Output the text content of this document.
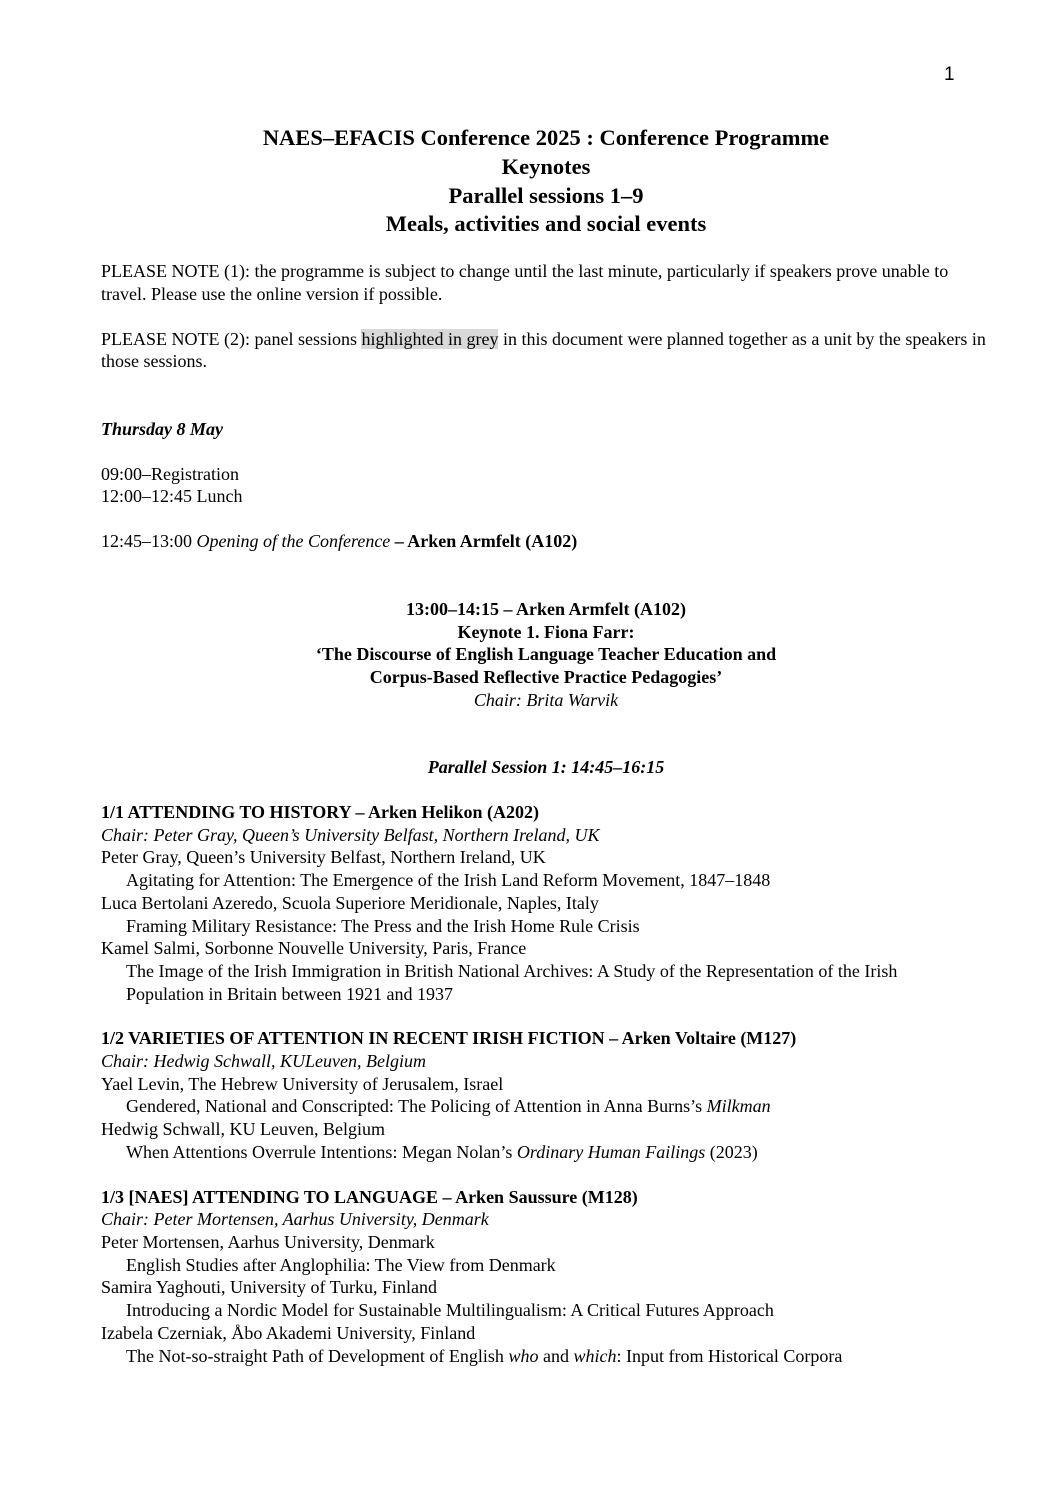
1
NAES–EFACIS Conference 2025 : Conference Programme
Keynotes
Parallel sessions 1–9
Meals, activities and social events

PLEASE NOTE (1): the programme is subject to change until the last minute, particularly if speakers prove unable to travel. Please use the online version if possible.

PLEASE NOTE (2): panel sessions highlighted in grey in this document were planned together as a unit by the speakers in those sessions.

Thursday 8 May
09:00–Registration
12:00–12:45 Lunch
12:45–13:00 Opening of the Conference – Arken Armfelt (A102)
13:00–14:15 – Arken Armfelt (A102)
Keynote 1. Fiona Farr:
‘The Discourse of English Language Teacher Education and
Corpus-Based Reflective Practice Pedagogies’
Chair: Brita Warvik
Parallel Session 1: 14:45–16:15
1/1 ATTENDING TO HISTORY – Arken Helikon (A202)
Chair: Peter Gray, Queen’s University Belfast, Northern Ireland, UK
Peter Gray, Queen’s University Belfast, Northern Ireland, UK
Agitating for Attention: The Emergence of the Irish Land Reform Movement, 1847–1848
Luca Bertolani Azeredo, Scuola Superiore Meridionale, Naples, Italy
Framing Military Resistance: The Press and the Irish Home Rule Crisis
Kamel Salmi, Sorbonne Nouvelle University, Paris, France
The Image of the Irish Immigration in British National Archives: A Study of the Representation of the Irish
Population in Britain between 1921 and 1937
1/2 VARIETIES OF ATTENTION IN RECENT IRISH FICTION – Arken Voltaire (M127)
Chair: Hedwig Schwall, KULeuven, Belgium
Yael Levin, The Hebrew University of Jerusalem, Israel
Gendered, National and Conscripted: The Policing of Attention in Anna Burns’s Milkman
Hedwig Schwall, KU Leuven, Belgium
When Attentions Overrule Intentions: Megan Nolan’s Ordinary Human Failings (2023)
1/3 [NAES] ATTENDING TO LANGUAGE – Arken Saussure (M128)
Chair: Peter Mortensen, Aarhus University, Denmark
Peter Mortensen, Aarhus University, Denmark
English Studies after Anglophilia: The View from Denmark
Samira Yaghouti, University of Turku, Finland
Introducing a Nordic Model for Sustainable Multilingualism: A Critical Futures Approach
Izabela Czerniak, Åbo Akademi University, Finland
The Not-so-straight Path of Development of English who and which: Input from Historical Corpora
